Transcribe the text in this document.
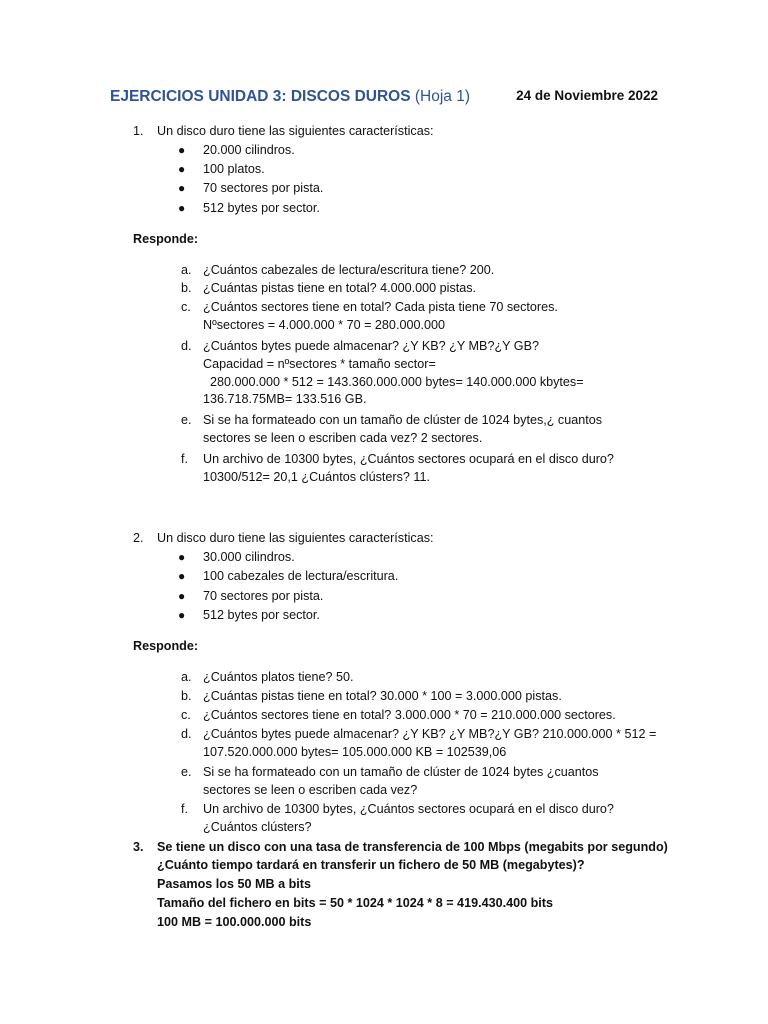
EJERCICIOS UNIDAD 3: DISCOS DUROS (Hoja 1)	24 de Noviembre 2022
1. Un disco duro tiene las siguientes características:
● 20.000 cilindros.
● 100 platos.
● 70 sectores por pista.
● 512 bytes por sector.
Responde:
a. ¿Cuántos cabezales de lectura/escritura tiene? 200.
b. ¿Cuántas pistas tiene en total? 4.000.000 pistas.
c. ¿Cuántos sectores tiene en total? Cada pista tiene 70 sectores.
Nºsectores = 4.000.000 * 70 = 280.000.000
d. ¿Cuántos bytes puede almacenar? ¿Y KB? ¿Y MB?¿Y GB?
Capacidad = nºsectores * tamaño sector=
280.000.000 * 512 = 143.360.000.000 bytes= 140.000.000 kbytes=
136.718.75MB= 133.516 GB.
e. Si se ha formateado con un tamaño de clúster de 1024 bytes,¿ cuantos
sectores se leen o escriben cada vez? 2 sectores.
f. Un archivo de 10300 bytes, ¿Cuántos sectores ocupará en el disco duro?
10300/512= 20,1 ¿Cuántos clústers? 11.
2. Un disco duro tiene las siguientes características:
● 30.000 cilindros.
● 100 cabezales de lectura/escritura.
● 70 sectores por pista.
● 512 bytes por sector.
Responde:
a. ¿Cuántos platos tiene? 50.
b. ¿Cuántas pistas tiene en total? 30.000 * 100 = 3.000.000 pistas.
c. ¿Cuántos sectores tiene en total? 3.000.000 * 70 = 210.000.000 sectores.
d. ¿Cuántos bytes puede almacenar? ¿Y KB? ¿Y MB?¿Y GB? 210.000.000 * 512 =
107.520.000.000 bytes= 105.000.000 KB = 102539,06
e. Si se ha formateado con un tamaño de clúster de 1024 bytes ¿cuantos
sectores se leen o escriben cada vez?
f. Un archivo de 10300 bytes, ¿Cuántos sectores ocupará en el disco duro?
¿Cuántos clústers?
3. Se tiene un disco con una tasa de transferencia de 100 Mbps (megabits por segundo)
¿Cuánto tiempo tardará en transferir un fichero de 50 MB (megabytes)?
Pasamos los 50 MB a bits
Tamaño del fichero en bits = 50 * 1024 * 1024 * 8 = 419.430.400 bits
100 MB = 100.000.000 bits
